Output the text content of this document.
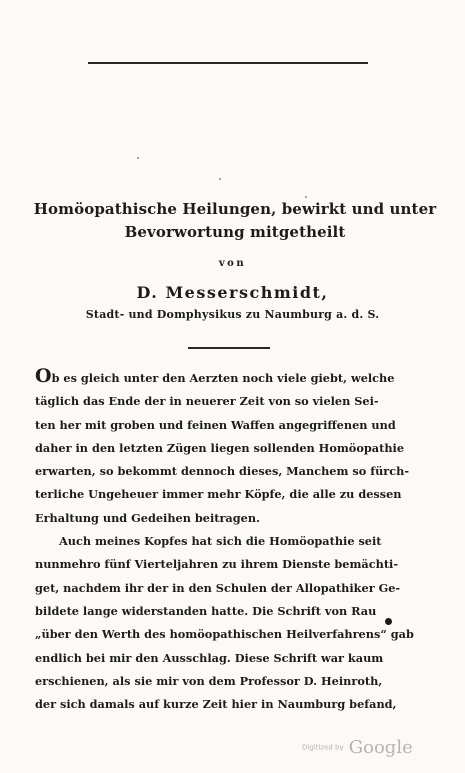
Homöopathische Heilungen, bewirkt und unter
Bevorwortung mitgetheilt
von
D. Messerschmidt,
Stadt- und Domphysikus zu Naumburg a. d. S.
Ob es gleich unter den Aerzten noch viele giebt, welche
täglich das Ende der in neuerer Zeit von so vielen Sei-
ten her mit groben und feinen Waffen angegriffenen und
daher in den letzten Zügen liegen sollenden Homöopathie
erwarten, so bekommt dennoch dieses, Manchem so fürch-
terliche Ungeheuer immer mehr Köpfe, die alle zu dessen
Erhaltung und Gedeihen beitragen.
Auch meines Kopfes hat sich die Homöopathie seit
nunmehro fünf Vierteljahren zu ihrem Dienste bemächti-
get, nachdem ihr der in den Schulen der Allopathiker Ge-
bildete lange widerstanden hatte. Die Schrift von Rau
„über den Werth des homöopathischen Heilverfahrens“ gab
endlich bei mir den Ausschlag. Diese Schrift war kaum
erschienen, als sie mir von dem Professor D. Heinroth,
der sich damals auf kurze Zeit hier in Naumburg befand,
Digitized by Google
